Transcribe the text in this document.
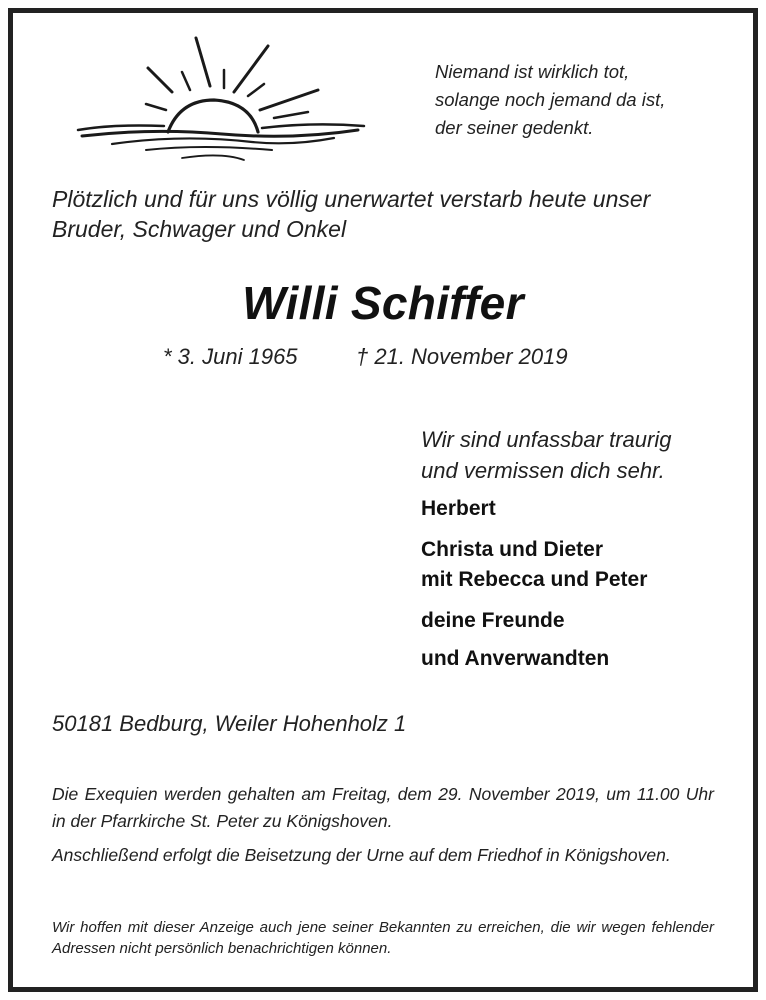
Niemand ist wirklich tot,
solange noch jemand da ist,
der seiner gedenkt.
Plötzlich und für uns völlig unerwartet verstarb heute unser
Bruder, Schwager und Onkel
Willi Schiffer
* 3. Juni 1965	† 21. November 2019
Wir sind unfassbar traurig
und vermissen dich sehr.
Herbert
Christa und Dieter
mit Rebecca und Peter
deine Freunde
und Anverwandten
50181 Bedburg, Weiler Hohenholz 1
Die Exequien werden gehalten am Freitag, dem 29. November 2019, um 11.00 Uhr in der Pfarrkirche St. Peter zu Königshoven.
Anschließend erfolgt die Beisetzung der Urne auf dem Friedhof in Königshoven.
Wir hoffen mit dieser Anzeige auch jene seiner Bekannten zu erreichen, die wir wegen fehlender Adressen nicht persönlich benachrichtigen können.
